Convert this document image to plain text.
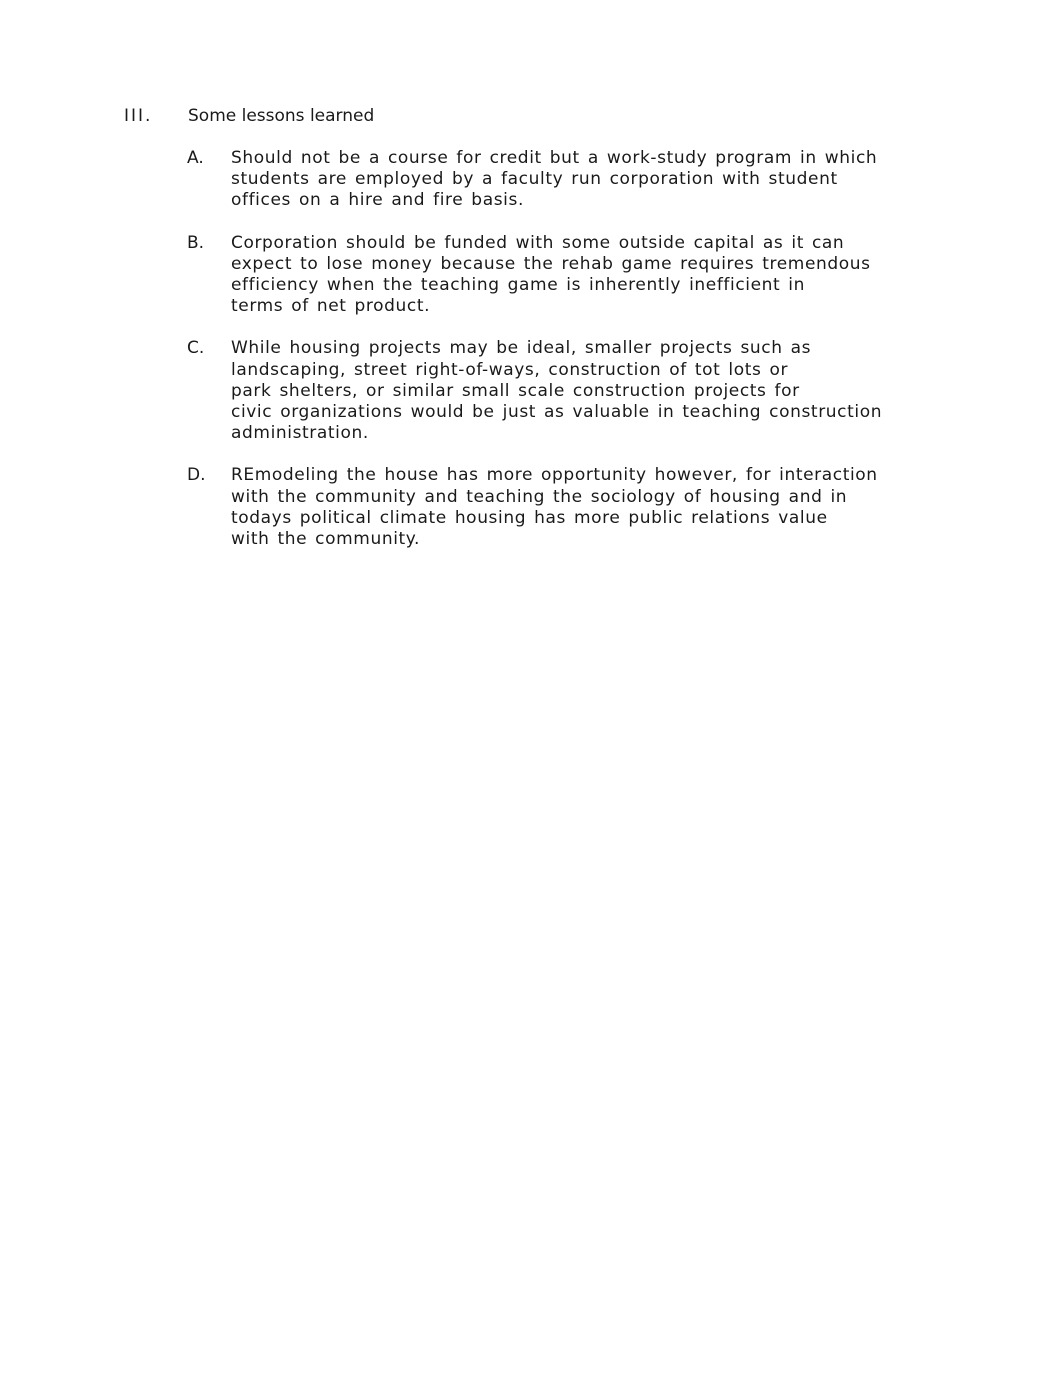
III. Some lessons learned
A. Should not be a course for credit but a work-study program in which
students are employed by a faculty run corporation with student
offices on a hire and fire basis.
B. Corporation should be funded with some outside capital as it can
expect to lose money because the rehab game requires tremendous
efficiency when the teaching game is inherently inefficient in
terms of net product.
C. While housing projects may be ideal, smaller projects such as
landscaping, street right-of-ways, construction of tot lots or
park shelters, or similar small scale construction projects for
civic organizations would be just as valuable in teaching construction
administration.
D. REmodeling the house has more opportunity however, for interaction
with the community and teaching the sociology of housing and in
todays political climate housing has more public relations value
with the community.
